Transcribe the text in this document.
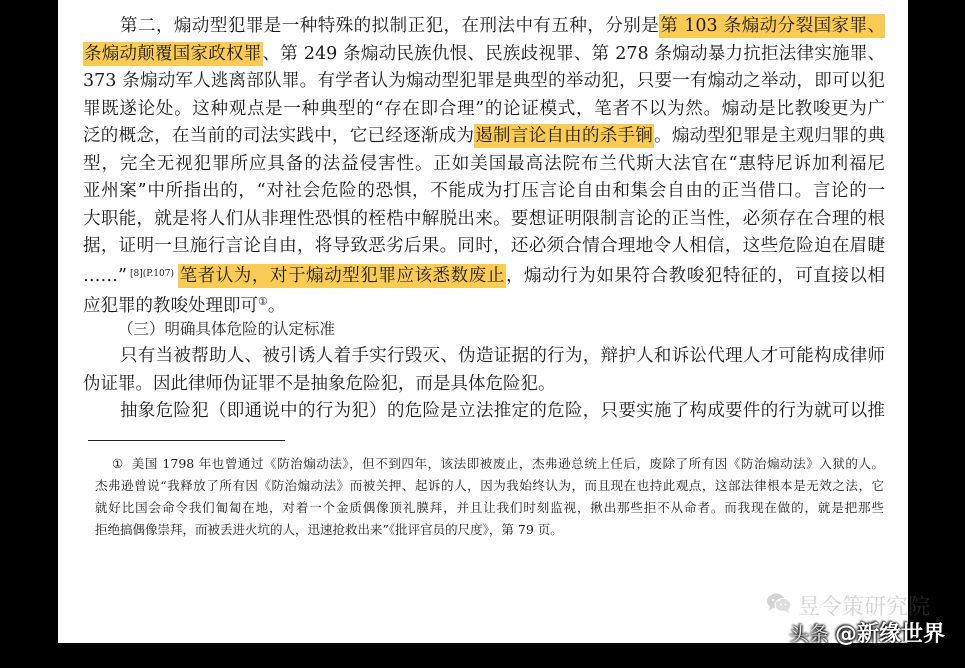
第二，煽动型犯罪是一种特殊的拟制正犯，在刑法中有五种，分别是第 103 条煽动分裂国家罪、
条煽动颠覆国家政权罪、第 249 条煽动民族仇恨、民族歧视罪、第 278 条煽动暴力抗拒法律实施罪、
373 条煽动军人逃离部队罪。有学者认为煽动型犯罪是典型的举动犯，只要一有煽动之举动，即可以犯
罪既遂论处。这种观点是一种典型的“存在即合理”的论证模式，笔者不以为然。煽动是比教唆更为广
泛的概念，在当前的司法实践中，它已经逐渐成为遏制言论自由的杀手锏。煽动型犯罪是主观归罪的典
型，完全无视犯罪所应具备的法益侵害性。正如美国最高法院布兰代斯大法官在“惠特尼诉加利福尼
亚州案”中所指出的，“对社会危险的恐惧，不能成为打压言论自由和集会自由的正当借口。言论的一
大职能，就是将人们从非理性恐惧的桎梏中解脱出来。要想证明限制言论的正当性，必须存在合理的根
据，证明一旦施行言论自由，将导致恶劣后果。同时，还必须合情合理地令人相信，这些危险迫在眉睫
……” $^{[8](P.107)}$ 笔者认为，对于煽动型犯罪应该悉数废止，煽动行为如果符合教唆犯特征的，可直接以相
应犯罪的教唆处理即可①。
（三）明确具体危险的认定标准
只有当被帮助人、被引诱人着手实行毁灭、伪造证据的行为，辩护人和诉讼代理人才可能构成律师
伪证罪。因此律师伪证罪不是抽象危险犯，而是具体危险犯。
抽象危险犯（即通说中的行为犯）的危险是立法推定的危险，只要实施了构成要件的行为就可以推
① 美国 1798 年也曾通过《防治煽动法》，但不到四年，该法即被废止，杰弗逊总统上任后，废除了所有因《防治煽动法》入狱的人。
杰弗逊曾说“我释放了所有因《防治煽动法》而被关押、起诉的人，因为我始终认为，而且现在也持此观点，这部法律根本是无效之法，它
就好比国会命令我们匍匐在地，对着一个金质偶像顶礼膜拜，并且让我们时刻监视，揪出那些拒不从命者。而我现在做的，就是把那些
拒绝搞偶像崇拜，而被丢进火坑的人，迅速抢救出来”《批评官员的尺度》，第 79 页。
昱令策研究院
头条 @新缘世界
